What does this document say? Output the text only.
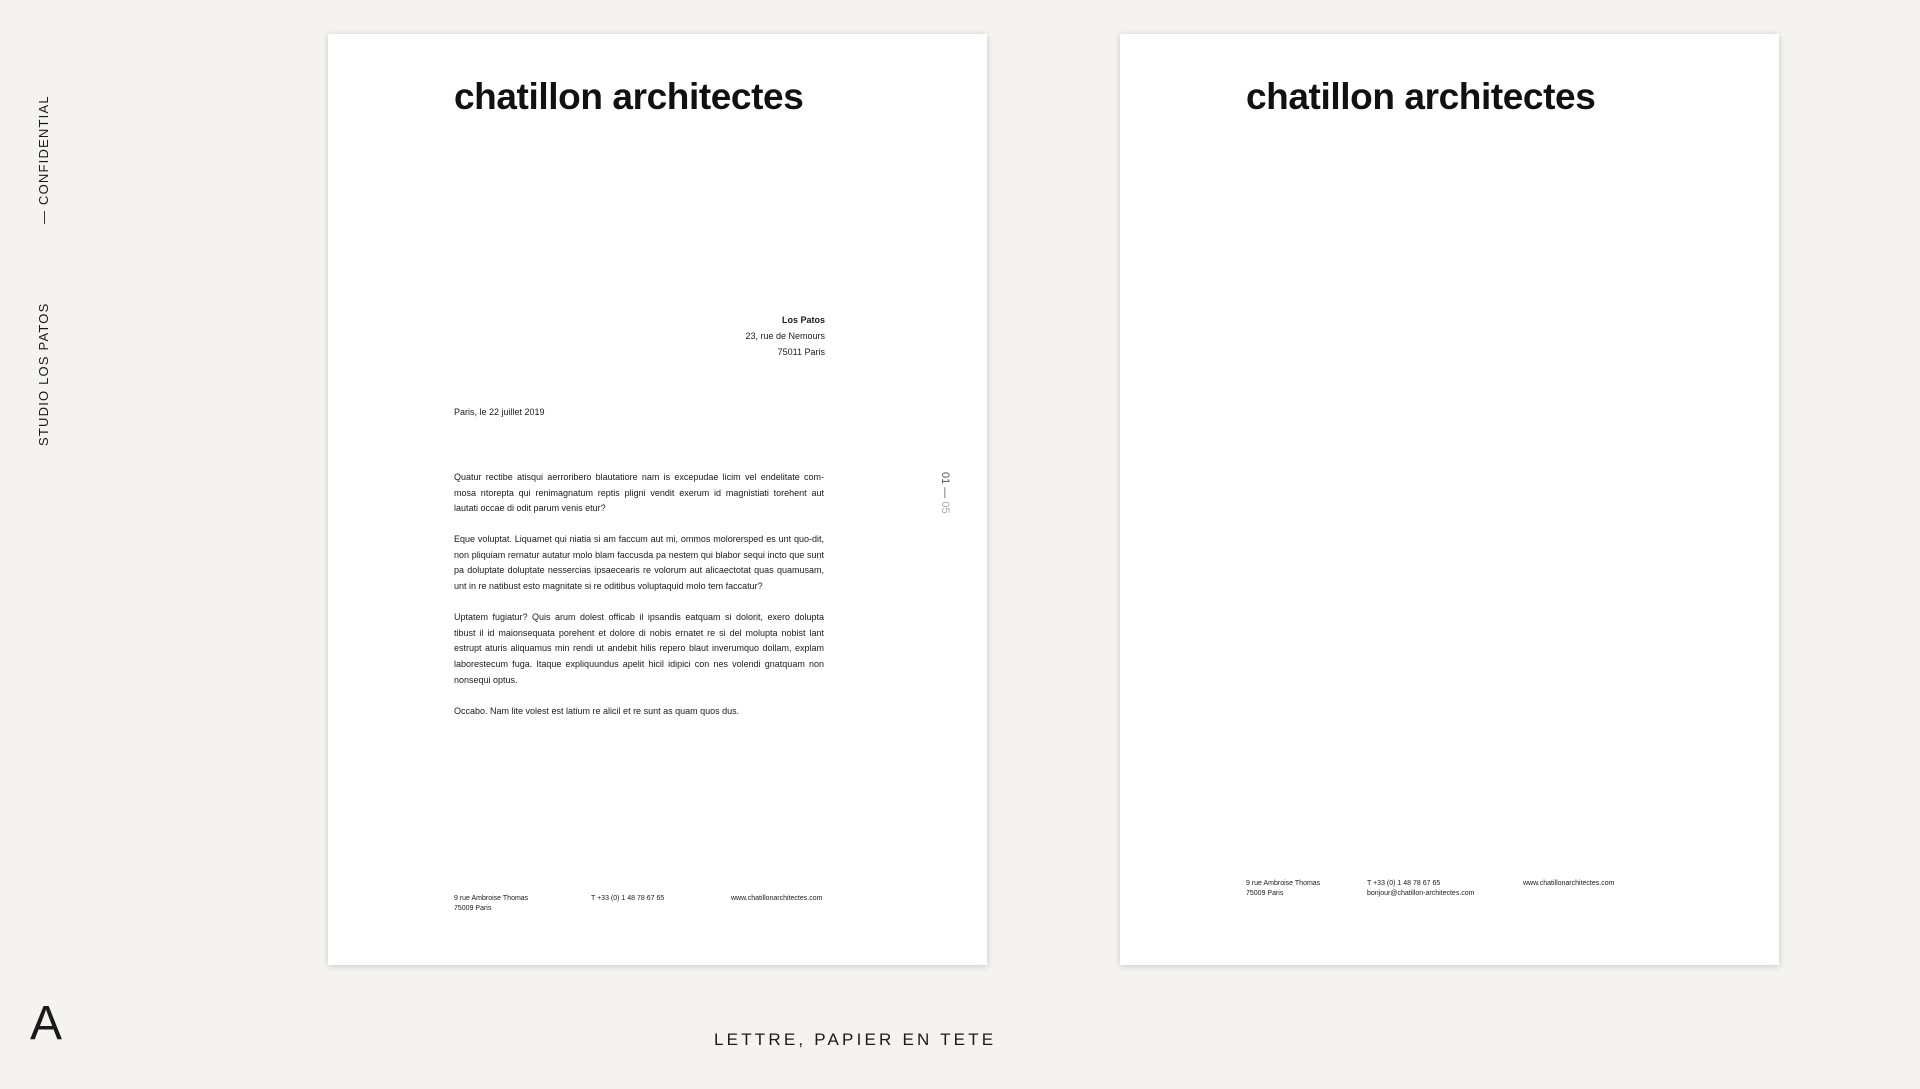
— CONFIDENTIAL
STUDIO LOS PATOS
A
chatillon architectes
Los Patos
23, rue de Nemours
75011 Paris
Paris, le 22 juillet 2019

Quatur rectibe atisqui aerroribero blautatiore nam is excepudae licim vel endelitate com-mosa ntorepta qui renimagnatum reptis pligni vendit exerum id magnistiati torehent aut lautati occae di odit parum venis etur?

Eque voluptat. Liquamet qui niatia si am faccum aut mi, ommos molorersped es unt quo-dit, non pliquiam rernatur autatur molo blam faccusda pa nestem qui blabor sequi incto que sunt pa doluptate doluptate nessercias ipsaecearis re volorum aut alicaectotat quas quamusam, unt in re natibust esto magnitate si re oditibus voluptaquid molo tem faccatur?

Uptatem fugiatur? Quis arum dolest officab il ipsandis eatquam si dolorit, exero dolupta tibust il id maionsequata porehent et dolore di nobis ernatet re si del molupta nobist lant estrupt aturis aliquamus min rendi ut andebit hilis repero blaut inverumquo dollam, explam laborestecum fuga. Itaque expliquundus apelit hicil idipici con nes volendi gnatquam non nonsequi optus.

Occabo. Nam lite volest est latium re alicil et re sunt as quam quos dus.

01 — 05
9 rue Ambroise Thomas
75009 Paris
T +33 (0) 1 48 78 67 65	www.chatillonarchitectes.com
chatillon architectes
9 rue Ambroise Thomas
75009 Paris
T +33 (0) 1 48 78 67 65
bonjour@chatillon-architectes.com
www.chatillonarchitectes.com
LETTRE, PAPIER EN TETE
